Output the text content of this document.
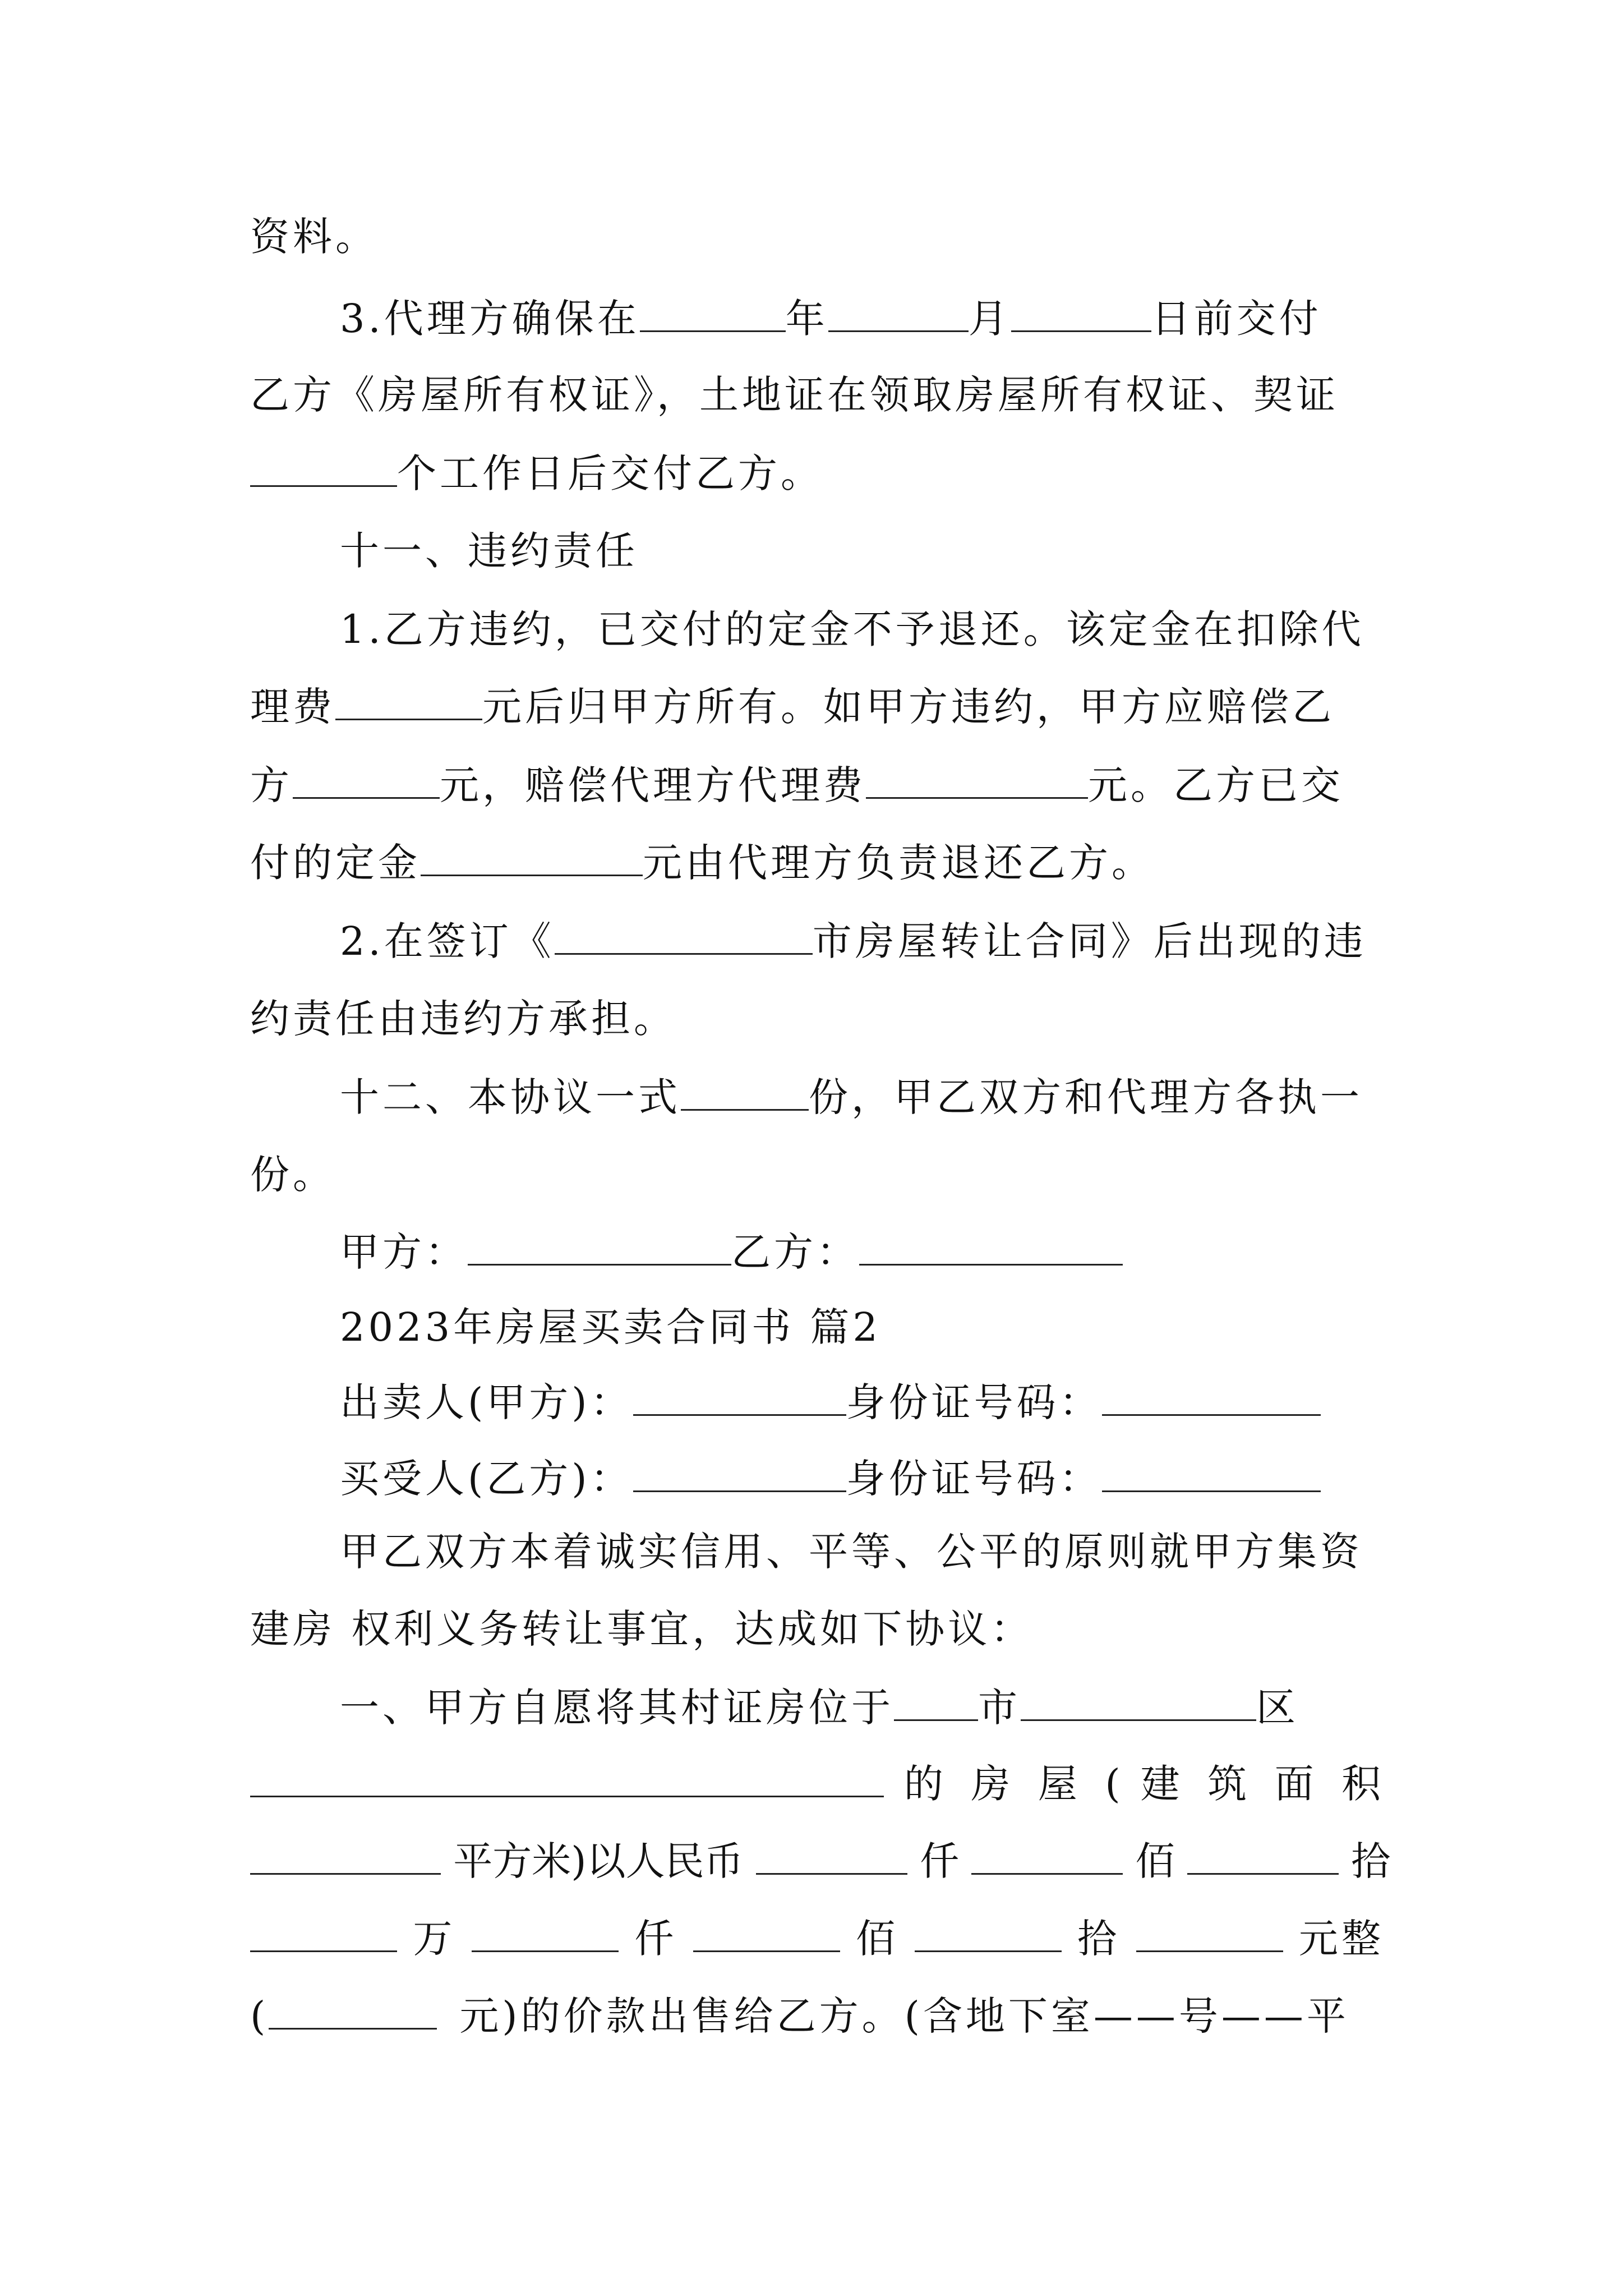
资料。
3.代理方确保在	年	月	日前交付
乙方《房屋所有权证》，土地证在领取房屋所有权证、契证
个工作日后交付乙方。
十一、违约责任
1.乙方违约，已交付的定金不予退还。该定金在扣除代
理费	元后归甲方所有。如甲方违约，甲方应赔偿乙
方	元，赔偿代理方代理费	元。乙方已交
付的定金	元由代理方负责退还乙方。
2.在签订《	市房屋转让合同》后出现的违
约责任由违约方承担。
十二、本协议一式	份，甲乙双方和代理方各执一
份。
甲方：	乙方：
2023年房屋买卖合同书 篇2
出卖人(甲方)：	身份证号码：
买受人(乙方)：	身份证号码：
甲乙双方本着诚实信用、平等、公平的原则就甲方集资
建房 权利义务转让事宜，达成如下协议：
一、甲方自愿将其村证房位于 市	区
的 房 屋 ( 建 筑 面 积
平方米)以人民币	仟	佰	拾
万	仟	佰	拾	元整
(	元)的价款出售给乙方。(含地下室——号——平
